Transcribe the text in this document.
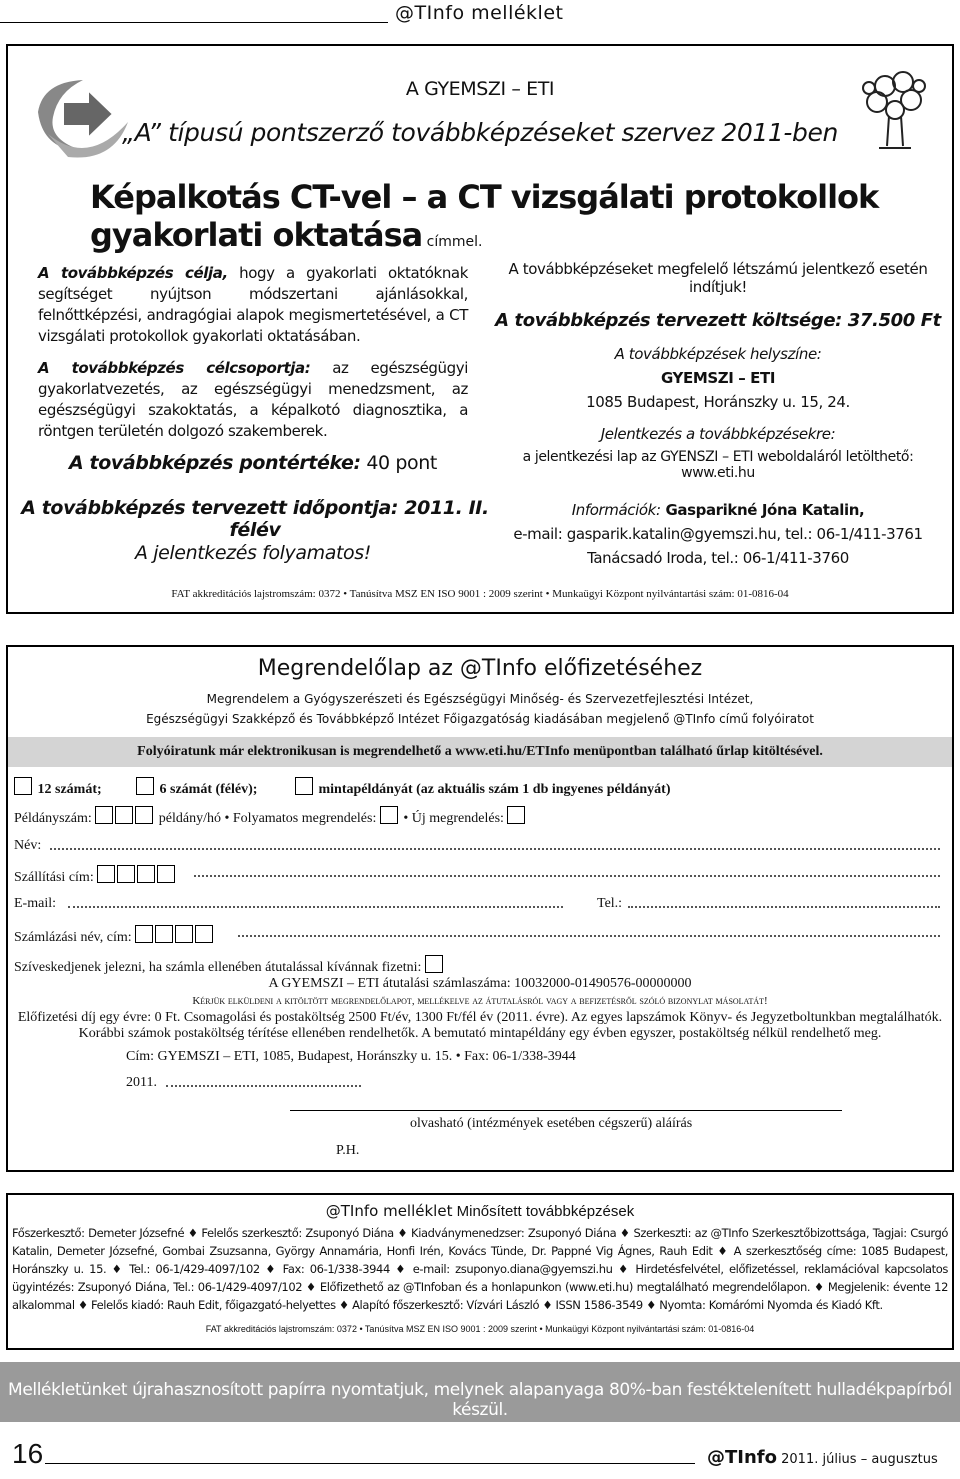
@TInfo melléklet
A GYEMSZI – ETI
„A” típusú pontszerző továbbképzéseket szervez 2011-ben
Képalkotás CT-vel – a CT vizsgálati protokollok gyakorlati oktatása címmel.
A továbbképzés célja, hogy a gyakorlati oktatóknak segítséget nyújtson módszertani ajánlásokkal, felnőttképzési, andragógiai alapok megismertetésével, a CT vizsgálati protokollok gyakorlati oktatásában.
A továbbképzés célcsoportja: az egészségügyi gyakorlatvezetés, az egészségügyi menedzsment, az egészségügyi szakoktatás, a képalkotó diagnosztika, a röntgen területén dolgozó szakemberek.
A továbbképzés pontértéke: 40 pont
A továbbképzés tervezett időpontja: 2011. II. félév
A jelentkezés folyamatos!
A továbbképzéseket megfelelő létszámú jelentkező esetén indítjuk!
A továbbképzés tervezett költsége: 37.500 Ft
A továbbképzések helyszíne:
GYEMSZI – ETI
1085 Budapest, Horánszky u. 15, 24.
Jelentkezés a továbbképzésekre:
a jelentkezési lap az GYENSZI – ETI weboldaláról letölthető: www.eti.hu
Információk: Gasparikné Jóna Katalin,
e-mail: gasparik.katalin@gyemszi.hu, tel.: 06-1/411-3761
Tanácsadó Iroda, tel.: 06-1/411-3760
FAT akkreditációs lajstromszám: 0372 • Tanúsítva MSZ EN ISO 9001 : 2009 szerint • Munkaügyi Központ nyilvántartási szám: 01-0816-04
Megrendelőlap az @TInfo előfizetéséhez
Megrendelem a Gyógyszerészeti és Egészségügyi Minőség- és Szervezetfejlesztési Intézet,
Egészségügyi Szakképző és Továbbképző Intézet Főigazgatóság kiadásában megjelenő @TInfo című folyóiratot
Folyóiratunk már elektronikusan is megrendelhető a www.eti.hu/ETInfo menüpontban található űrlap kitöltésével.
12 számát;	6 számát (félév);	mintapéldányát (az aktuális szám 1 db ingyenes példányát)
Példányszám:	példány/hó • Folyamatos megrendelés:  • Új megrendelés:
Név:
Szállítási cím:
E-mail:	Tel.:
Számlázási név, cím:
Szíveskedjenek jelezni, ha számla ellenében átutalással kívánnak fizetni:
A GYEMSZI – ETI átutalási számlaszáma: 10032000-01490576-00000000
Kérjük elküldeni a kitöltött megrendelőlapot, mellékelve az átutalásról vagy a befizetésről szóló bizonylat másolatát!
Előfizetési díj egy évre: 0 Ft. Csomagolási és postaköltség 2500 Ft/év, 1300 Ft/fél év (2011. évre). Az egyes lapszámok Könyv- és Jegyzetboltunkban megtalálhatók. Korábbi számok postaköltség térítése ellenében rendelhetők. A bemutató mintapéldány egy évben egyszer, postaköltség nélkül rendelhető meg.
Cím: GYEMSZI – ETI, 1085, Budapest, Horánszky u. 15. • Fax: 06-1/338-3944
2011.
olvasható (intézmények esetében cégszerű) aláírás
P.H.
@TInfo melléklet Minősített továbbképzések
Főszerkesztő: Demeter Józsefné ♦ Felelős szerkesztő: Zsuponyó Diána ♦ Kiadványmenedzser: Zsuponyó Diána ♦ Szerkeszti: az @TInfo Szerkesztőbizottsága, Tagjai: Csurgó Katalin, Demeter Józsefné, Gombai Zsuzsanna, György Annamária, Honfi Irén, Kovács Tünde, Dr. Pappné Vig Ágnes, Rauh Edit ♦ A szerkesztőség címe: 1085 Budapest, Horánszky u. 15. ♦ Tel.: 06-1/429-4097/102 ♦ Fax: 06-1/338-3944 ♦ e-mail: zsuponyo.diana@gyemszi.hu ♦ Hirdetésfelvétel, előfizetéssel, reklamációval kapcsolatos ügyintézés: Zsuponyó Diána, Tel.: 06-1/429-4097/102 ♦ Előfizethető az @TInfoban és a honlapunkon (www.eti.hu) megtalálható megrendelőlapon. ♦ Megjelenik: évente 12 alkalommal ♦ Felelős kiadó: Rauh Edit, főigazgató-helyettes ♦ Alapító főszerkesztő: Vízvári László ♦ ISSN 1586-3549 ♦ Nyomta: Komárómi Nyomda és Kiadó Kft.
FAT akkreditációs lajstromszám: 0372 • Tanúsítva MSZ EN ISO 9001 : 2009 szerint • Munkaügyi Központ nyilvántartási szám: 01-0816-04
Mellékletünket újrahasznosított papírra nyomtatjuk, melynek alapanyaga 80%-ban festéktelenített hulladékpapírból készül.
16	@TInfo 2011. július – augusztus
